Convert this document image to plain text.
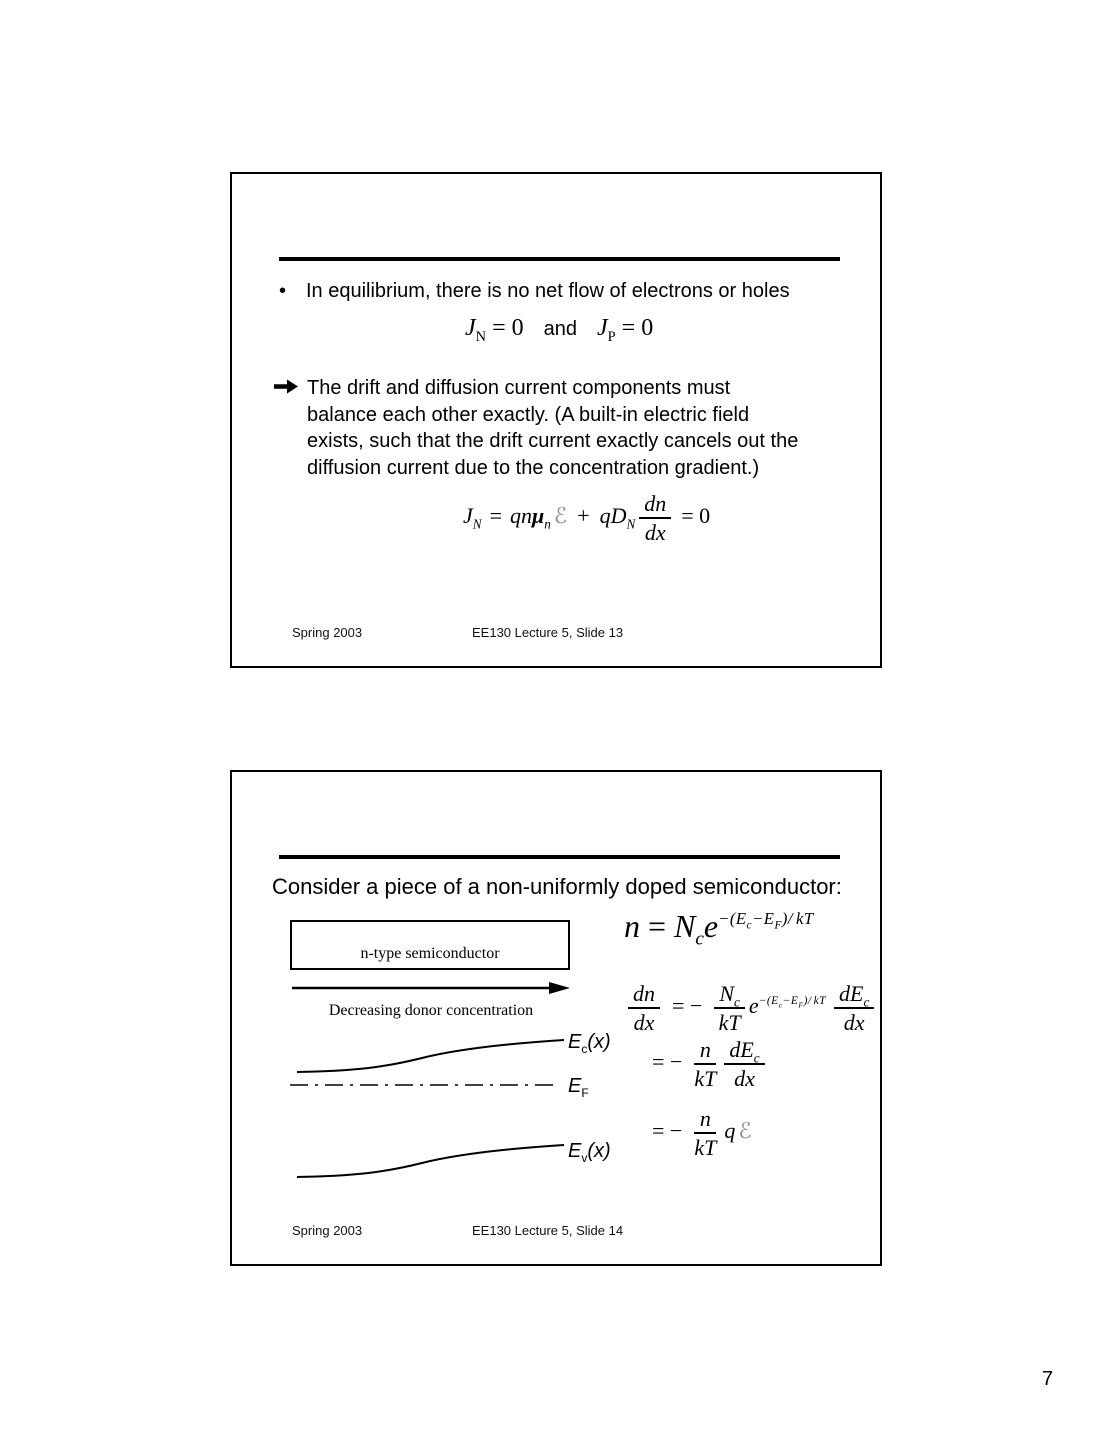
• In equilibrium, there is no net flow of electrons or holes
$J_N = 0$ and $J_P = 0$
The drift and diffusion current components must
balance each other exactly. (A built-in electric field
exists, such that the drift current exactly cancels out the
diffusion current due to the concentration gradient.)
$J_N = qn\mu_n$ ℰ + $qD_N \frac{dn}{dx} = 0$
Spring 2003	EE130 Lecture 5, Slide 13
Consider a piece of a non-uniformly doped semiconductor:
n-type semiconductor
Decreasing donor concentration
$E_c(x)$
$E_F$
$E_v(x)$
$n = N_ce-(E_c-E_F)/$ kT
$\frac{dn}{dx}$ = − $\frac{N_c}{kT} e-(E_c-E_F)/$ kT $\frac{dE_c}{dx}$
= − $\frac{n}{kT} \frac{dE_c}{dx}$
= − $\frac{n}{kT}$ q ℰ
Spring 2003	EE130 Lecture 5, Slide 14
7
